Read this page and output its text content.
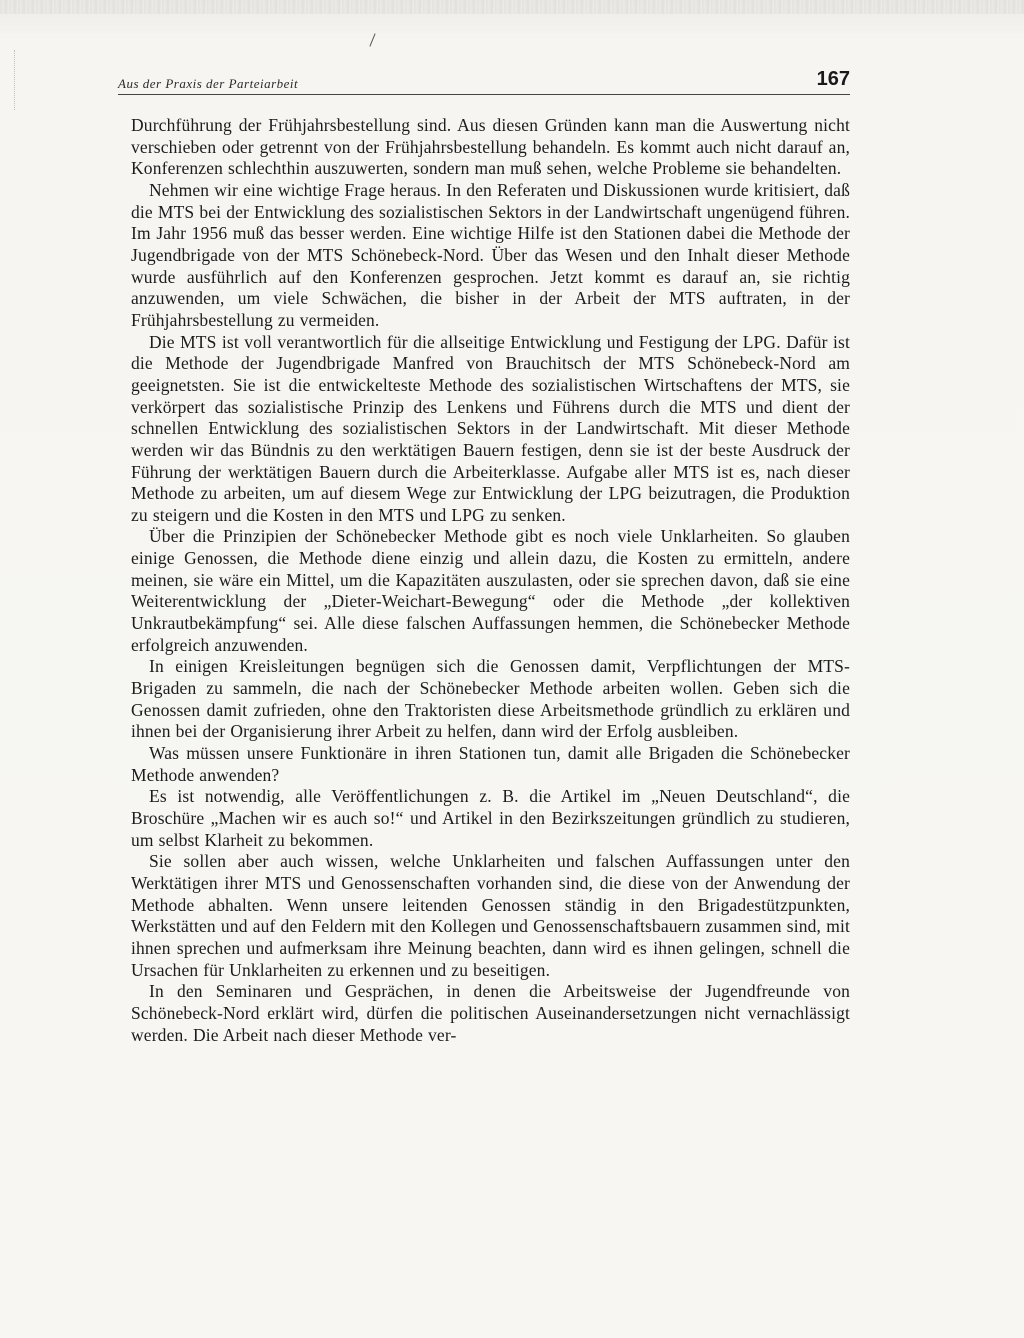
Aus der Praxis der Parteiarbeit	167

Durchführung der Frühjahrsbestellung sind. Aus diesen Gründen kann man die Auswertung nicht verschieben oder getrennt von der Frühjahrsbestellung behandeln. Es kommt auch nicht darauf an, Konferenzen schlechthin auszuwerten, sondern man muß sehen, welche Probleme sie behandelten.

Nehmen wir eine wichtige Frage heraus. In den Referaten und Diskussionen wurde kritisiert, daß die MTS bei der Entwicklung des sozialistischen Sektors in der Landwirtschaft ungenügend führen. Im Jahr 1956 muß das besser werden. Eine wichtige Hilfe ist den Stationen dabei die Methode der Jugendbrigade von der MTS Schönebeck-Nord. Über das Wesen und den Inhalt dieser Methode wurde ausführlich auf den Konferenzen gesprochen. Jetzt kommt es darauf an, sie richtig anzuwenden, um viele Schwächen, die bisher in der Arbeit der MTS auftraten, in der Frühjahrsbestellung zu vermeiden.

Die MTS ist voll verantwortlich für die allseitige Entwicklung und Festigung der LPG. Dafür ist die Methode der Jugendbrigade Manfred von Brauchitsch der MTS Schönebeck-Nord am geeignetsten. Sie ist die entwickelteste Methode des sozialistischen Wirtschaftens der MTS, sie verkörpert das sozialistische Prinzip des Lenkens und Führens durch die MTS und dient der schnellen Entwicklung des sozialistischen Sektors in der Landwirtschaft. Mit dieser Methode werden wir das Bündnis zu den werktätigen Bauern festigen, denn sie ist der beste Ausdruck der Führung der werktätigen Bauern durch die Arbeiterklasse. Aufgabe aller MTS ist es, nach dieser Methode zu arbeiten, um auf diesem Wege zur Entwicklung der LPG beizutragen, die Produktion zu steigern und die Kosten in den MTS und LPG zu senken.

Über die Prinzipien der Schönebecker Methode gibt es noch viele Unklarheiten. So glauben einige Genossen, die Methode diene einzig und allein dazu, die Kosten zu ermitteln, andere meinen, sie wäre ein Mittel, um die Kapazitäten auszulasten, oder sie sprechen davon, daß sie eine Weiterentwicklung der „Dieter-Weichart-Bewegung“ oder die Methode „der kollektiven Unkrautbekämpfung“ sei. Alle diese falschen Auffassungen hemmen, die Schönebecker Methode erfolgreich anzuwenden.

In einigen Kreisleitungen begnügen sich die Genossen damit, Verpflichtungen der MTS-Brigaden zu sammeln, die nach der Schönebecker Methode arbeiten wollen. Geben sich die Genossen damit zufrieden, ohne den Traktoristen diese Arbeitsmethode gründlich zu erklären und ihnen bei der Organisierung ihrer Arbeit zu helfen, dann wird der Erfolg ausbleiben.

Was müssen unsere Funktionäre in ihren Stationen tun, damit alle Brigaden die Schönebecker Methode anwenden?

Es ist notwendig, alle Veröffentlichungen z. B. die Artikel im „Neuen Deutschland“, die Broschüre „Machen wir es auch so!“ und Artikel in den Bezirkszeitungen gründlich zu studieren, um selbst Klarheit zu bekommen.

Sie sollen aber auch wissen, welche Unklarheiten und falschen Auffassungen unter den Werktätigen ihrer MTS und Genossenschaften vorhanden sind, die diese von der Anwendung der Methode abhalten. Wenn unsere leitenden Genossen ständig in den Brigadestützpunkten, Werkstätten und auf den Feldern mit den Kollegen und Genossenschaftsbauern zusammen sind, mit ihnen sprechen und aufmerksam ihre Meinung beachten, dann wird es ihnen gelingen, schnell die Ursachen für Unklarheiten zu erkennen und zu beseitigen.

In den Seminaren und Gesprächen, in denen die Arbeitsweise der Jugendfreunde von Schönebeck-Nord erklärt wird, dürfen die politischen Auseinandersetzungen nicht vernachlässigt werden. Die Arbeit nach dieser Methode ver-
